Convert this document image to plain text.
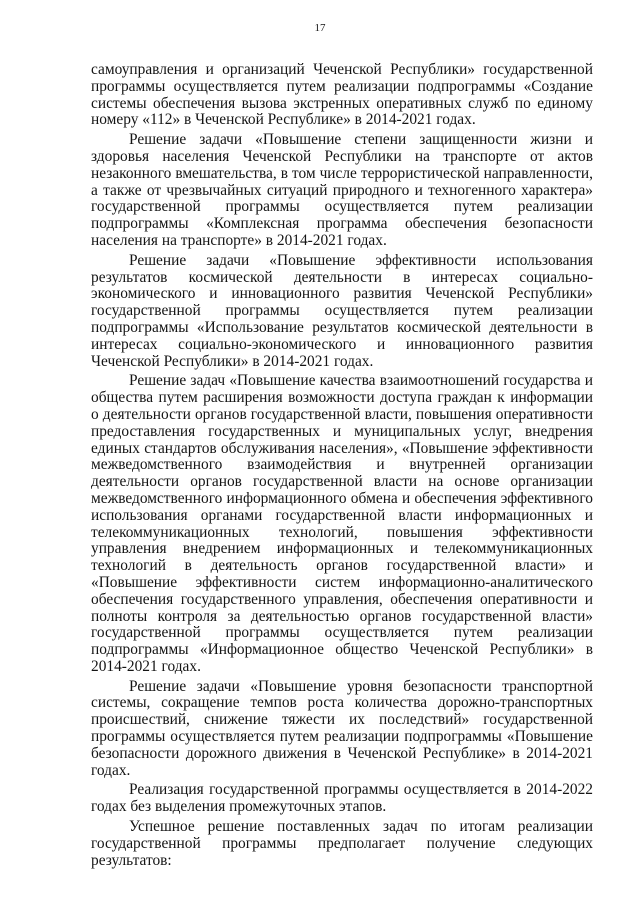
17

самоуправления и организаций Чеченской Республики» государственной программы осуществляется путем реализации подпрограммы «Создание системы обеспечения вызова экстренных оперативных служб по единому номеру «112» в Чеченской Республике» в 2014-2021 годах.

Решение задачи «Повышение степени защищенности жизни и здоровья населения Чеченской Республики на транспорте от актов незаконного вмешательства, в том числе террористической направленности, а также от чрезвычайных ситуаций природного и техногенного характера» государственной программы осуществляется путем реализации подпрограммы «Комплексная программа обеспечения безопасности населения на транспорте» в 2014-2021 годах.

Решение задачи «Повышение эффективности использования результатов космической деятельности в интересах социально-экономического и инновационного развития Чеченской Республики» государственной программы осуществляется путем реализации подпрограммы «Использование результатов космической деятельности в интересах социально-экономического и инновационного развития Чеченской Республики» в 2014-2021 годах.

Решение задач «Повышение качества взаимоотношений государства и общества путем расширения возможности доступа граждан к информации о деятельности органов государственной власти, повышения оперативности предоставления государственных и муниципальных услуг, внедрения единых стандартов обслуживания населения», «Повышение эффективности межведомственного взаимодействия и внутренней организации деятельности органов государственной власти на основе организации межведомственного информационного обмена и обеспечения эффективного использования органами государственной власти информационных и телекоммуникационных технологий, повышения эффективности управления внедрением информационных и телекоммуникационных технологий в деятельность органов государственной власти» и «Повышение эффективности систем информационно-аналитического обеспечения государственного управления, обеспечения оперативности и полноты контроля за деятельностью органов государственной власти» государственной программы осуществляется путем реализации подпрограммы «Информационное общество Чеченской Республики» в 2014-2021 годах.

Решение задачи «Повышение уровня безопасности транспортной системы, сокращение темпов роста количества дорожно-транспортных происшествий, снижение тяжести их последствий» государственной программы осуществляется путем реализации подпрограммы «Повышение безопасности дорожного движения в Чеченской Республике» в 2014-2021 годах.

Реализация государственной программы осуществляется в 2014-2022 годах без выделения промежуточных этапов.

Успешное решение поставленных задач по итогам реализации государственной программы предполагает получение следующих результатов:
